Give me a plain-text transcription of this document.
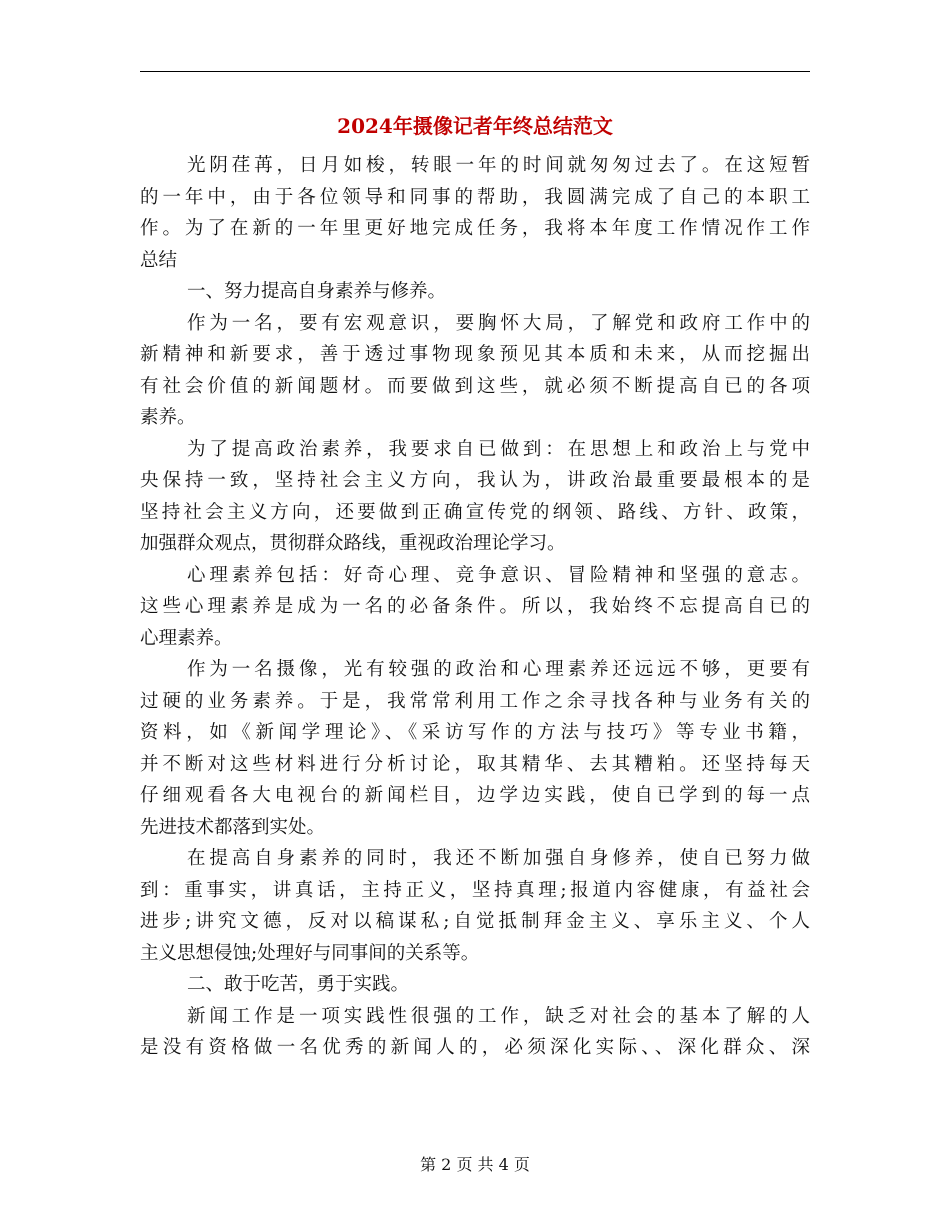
2024年摄像记者年终总结范文
光阴荏苒，日月如梭，转眼一年的时间就匆匆过去了。在这短暂
的一年中，由于各位领导和同事的帮助，我圆满完成了自己的本职工
作。为了在新的一年里更好地完成任务，我将本年度工作情况作工作
总结
一、努力提高自身素养与修养。
作为一名，要有宏观意识，要胸怀大局，了解党和政府工作中的
新精神和新要求，善于透过事物现象预见其本质和未来，从而挖掘出
有社会价值的新闻题材。而要做到这些，就必须不断提高自已的各项
素养。
为了提高政治素养，我要求自已做到：在思想上和政治上与党中
央保持一致，坚持社会主义方向，我认为，讲政治最重要最根本的是
坚持社会主义方向，还要做到正确宣传党的纲领、路线、方针、政策，
加强群众观点，贯彻群众路线，重视政治理论学习。
心理素养包括：好奇心理、竞争意识、冒险精神和坚强的意志。
这些心理素养是成为一名的必备条件。所以，我始终不忘提高自已的
心理素养。
作为一名摄像，光有较强的政治和心理素养还远远不够，更要有
过硬的业务素养。于是，我常常利用工作之余寻找各种与业务有关的
资料，如《新闻学理论》、《采访写作的方法与技巧》等专业书籍，
并不断对这些材料进行分析讨论，取其精华、去其糟粕。还坚持每天
仔细观看各大电视台的新闻栏目，边学边实践，使自已学到的每一点
先进技术都落到实处。
在提高自身素养的同时，我还不断加强自身修养，使自已努力做
到：重事实，讲真话，主持正义，坚持真理;报道内容健康，有益社会
进步;讲究文德，反对以稿谋私;自觉抵制拜金主义、享乐主义、个人
主义思想侵蚀;处理好与同事间的关系等。
二、敢于吃苦，勇于实践。
新闻工作是一项实践性很强的工作，缺乏对社会的基本了解的人
是没有资格做一名优秀的新闻人的，必须深化实际、、深化群众、深
第 2 页 共 4 页
